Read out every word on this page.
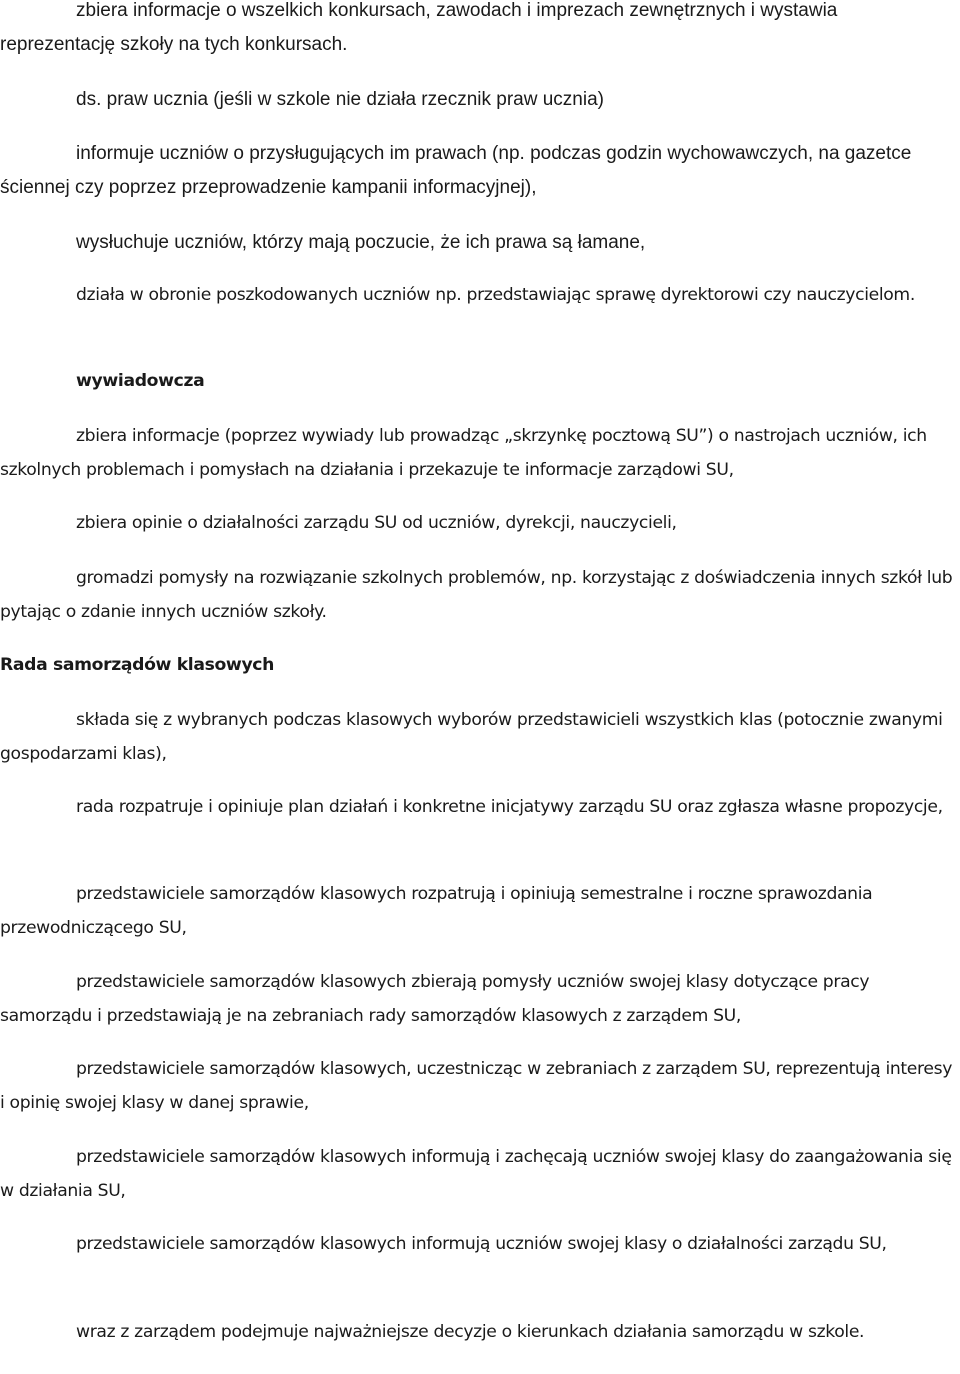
zbiera informacje o wszelkich konkursach, zawodach i imprezach zewnętrznych i wystawia reprezentację szkoły na tych konkursach.

ds. praw ucznia (jeśli w szkole nie działa rzecznik praw ucznia)

informuje uczniów o przysługujących im prawach (np. podczas godzin wychowawczych, na gazetce ściennej czy poprzez przeprowadzenie kampanii informacyjnej),

wysłuchuje uczniów, którzy mają poczucie, że ich prawa są łamane,

działa w obronie poszkodowanych uczniów np. przedstawiając sprawę dyrektorowi czy nauczycielom.

wywiadowcza

zbiera informacje (poprzez wywiady lub prowadząc „skrzynkę pocztową SU”) o nastrojach uczniów, ich szkolnych problemach i pomysłach na działania i przekazuje te informacje zarządowi SU,

zbiera opinie o działalności zarządu SU od uczniów, dyrekcji, nauczycieli,

gromadzi pomysły na rozwiązanie szkolnych problemów, np. korzystając z doświadczenia innych szkół lub pytając o zdanie innych uczniów szkoły.

Rada samorządów klasowych

składa się z wybranych podczas klasowych wyborów przedstawicieli wszystkich klas (potocznie zwanymi gospodarzami klas),

rada rozpatruje i opiniuje plan działań i konkretne inicjatywy zarządu SU oraz zgłasza własne propozycje,

przedstawiciele samorządów klasowych rozpatrują i opiniują semestralne i roczne sprawozdania przewodniczącego SU,

przedstawiciele samorządów klasowych zbierają pomysły uczniów swojej klasy dotyczące pracy samorządu i przedstawiają je na zebraniach rady samorządów klasowych z zarządem SU,

przedstawiciele samorządów klasowych, uczestnicząc w zebraniach z zarządem SU, reprezentują interesy i opinię swojej klasy w danej sprawie,

przedstawiciele samorządów klasowych informują i zachęcają uczniów swojej klasy do zaangażowania się w działania SU,

przedstawiciele samorządów klasowych informują uczniów swojej klasy o działalności zarządu SU,

wraz z zarządem podejmuje najważniejsze decyzje o kierunkach działania samorządu w szkole.
